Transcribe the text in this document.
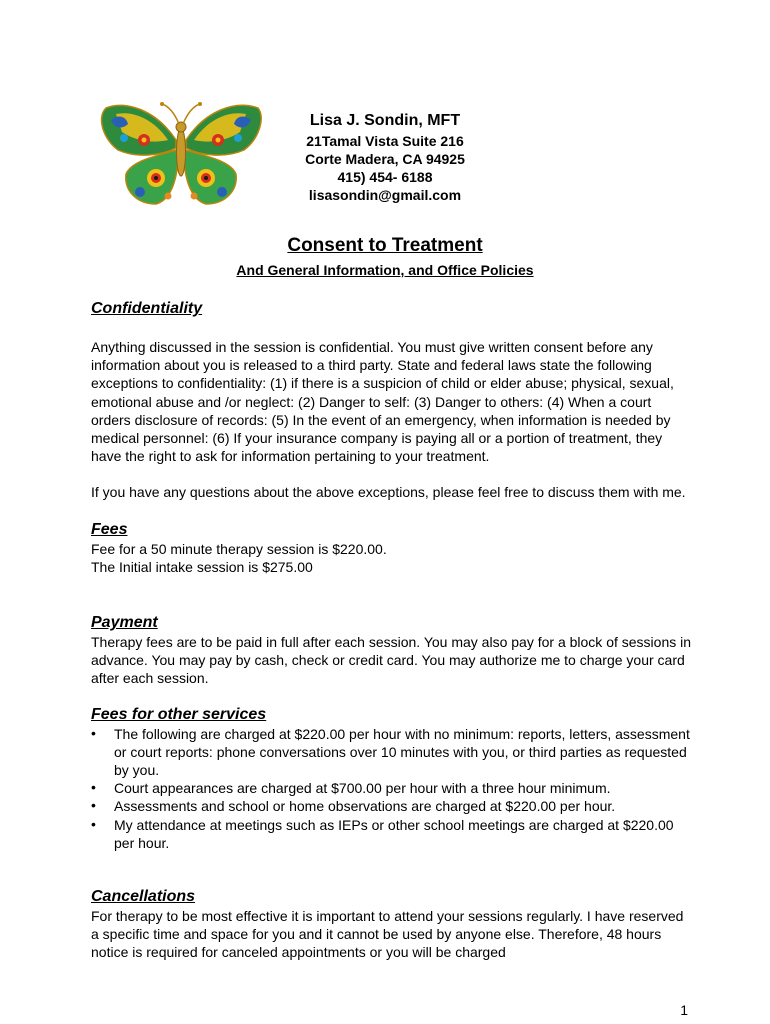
Lisa J. Sondin, MFT
21Tamal Vista Suite 216
Corte Madera, CA 94925
415) 454- 6188
lisasondin@gmail.com
Consent to Treatment
And General Information, and Office Policies
Confidentiality

Anything discussed in the session is confidential. You must give written consent before any information about you is released to a third party. State and federal laws state the following exceptions to confidentiality: (1) if there is a suspicion of child or elder abuse; physical, sexual, emotional abuse and /or neglect: (2) Danger to self: (3) Danger to others: (4) When a court orders disclosure of records: (5) In the event of an emergency, when information is needed by medical personnel: (6) If your insurance company is paying all or a portion of treatment, they have the right to ask for information pertaining to your treatment.

If you have any questions about the above exceptions, please feel free to discuss them with me.

Fees

Fee for a 50 minute therapy session is $220.00.

The Initial intake session is $275.00

Payment

Therapy fees are to be paid in full after each session. You may also pay for a block of sessions in advance. You may pay by cash, check or credit card. You may authorize me to charge your card after each session.

Fees for other services
• The following are charged at $220.00 per hour with no minimum: reports, letters, assessment or court reports: phone conversations over 10 minutes with you, or third parties as requested by you.
• Court appearances are charged at $700.00 per hour with a three hour minimum.
• Assessments and school or home observations are charged at $220.00 per hour.
• My attendance at meetings such as IEPs or other school meetings are charged at $220.00 per hour.
Cancellations

For therapy to be most effective it is important to attend your sessions regularly. I have reserved a specific time and space for you and it cannot be used by anyone else. Therefore, 48 hours notice is required for canceled appointments or you will be charged

1
